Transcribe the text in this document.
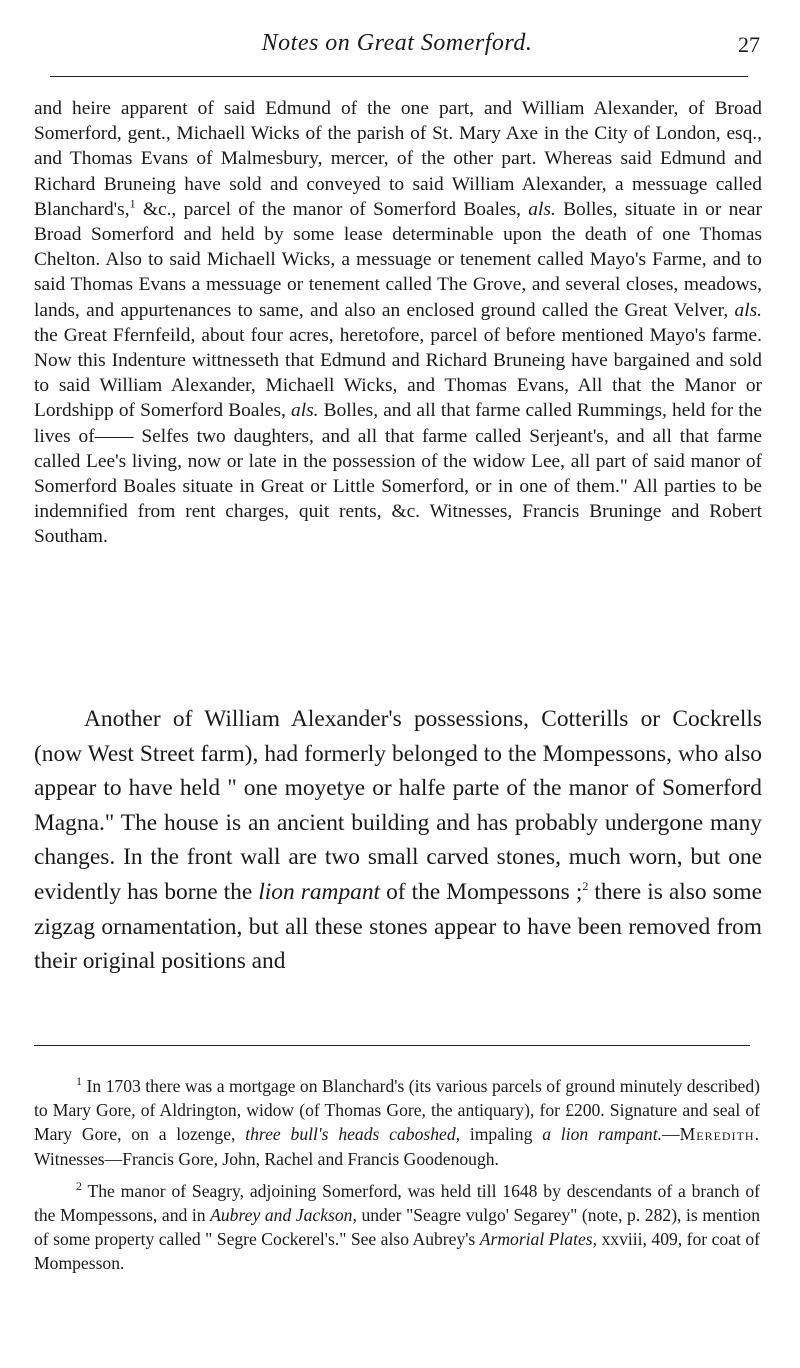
Notes on Great Somerford.	27

and heire apparent of said Edmund of the one part, and William Alexander, of Broad Somerford, gent., Michaell Wicks of the parish of St. Mary Axe in the City of London, esq., and Thomas Evans of Malmesbury, mercer, of the other part. Whereas said Edmund and Richard Bruneing have sold and conveyed to said William Alexander, a messuage called Blanchard's,$^1$ &c., parcel of the manor of Somerford Boales, als. Bolles, situate in or near Broad Somerford and held by some lease determinable upon the death of one Thomas Chelton. Also to said Michaell Wicks, a messuage or tenement called Mayo's Farme, and to said Thomas Evans a messuage or tenement called The Grove, and several closes, meadows, lands, and appurtenances to same, and also an enclosed ground called the Great Velver, als. the Great Ffernfeild, about four acres, heretofore, parcel of before mentioned Mayo's farme. Now this Indenture wittnesseth that Edmund and Richard Bruneing have bargained and sold to said William Alexander, Michaell Wicks, and Thomas Evans, All that the Manor or Lordshipp of Somerford Boales, als. Bolles, and all that farme called Rummings, held for the lives of—— Selfes two daughters, and all that farme called Serjeant's, and all that farme called Lee's living, now or late in the possession of the widow Lee, all part of said manor of Somerford Boales situate in Great or Little Somerford, or in one of them." All parties to be indemnified from rent charges, quit rents, &c. Witnesses, Francis Bruninge and Robert Southam.

Another of William Alexander's possessions, Cotterills or Cockrells (now West Street farm), had formerly belonged to the Mompessons, who also appear to have held " one moyetye or halfe parte of the manor of Somerford Magna." The house is an ancient building and has probably undergone many changes. In the front wall are two small carved stones, much worn, but one evidently has borne the lion rampant of the Mompessons ;$^2$ there is also some zigzag ornamentation, but all these stones appear to have been removed from their original positions and

$^1$ In 1703 there was a mortgage on Blanchard's (its various parcels of ground minutely described) to Mary Gore, of Aldrington, widow (of Thomas Gore, the antiquary), for £200. Signature and seal of Mary Gore, on a lozenge, three bull's heads caboshed, impaling a lion rampant.—Meredith. Witnesses—Francis Gore, John, Rachel and Francis Goodenough.

$^2$ The manor of Seagry, adjoining Somerford, was held till 1648 by descendants of a branch of the Mompessons, and in Aubrey and Jackson, under "Seagre vulgo' Segarey" (note, p. 282), is mention of some property called " Segre Cockerel's." See also Aubrey's Armorial Plates, xxviii, 409, for coat of Mompesson.
